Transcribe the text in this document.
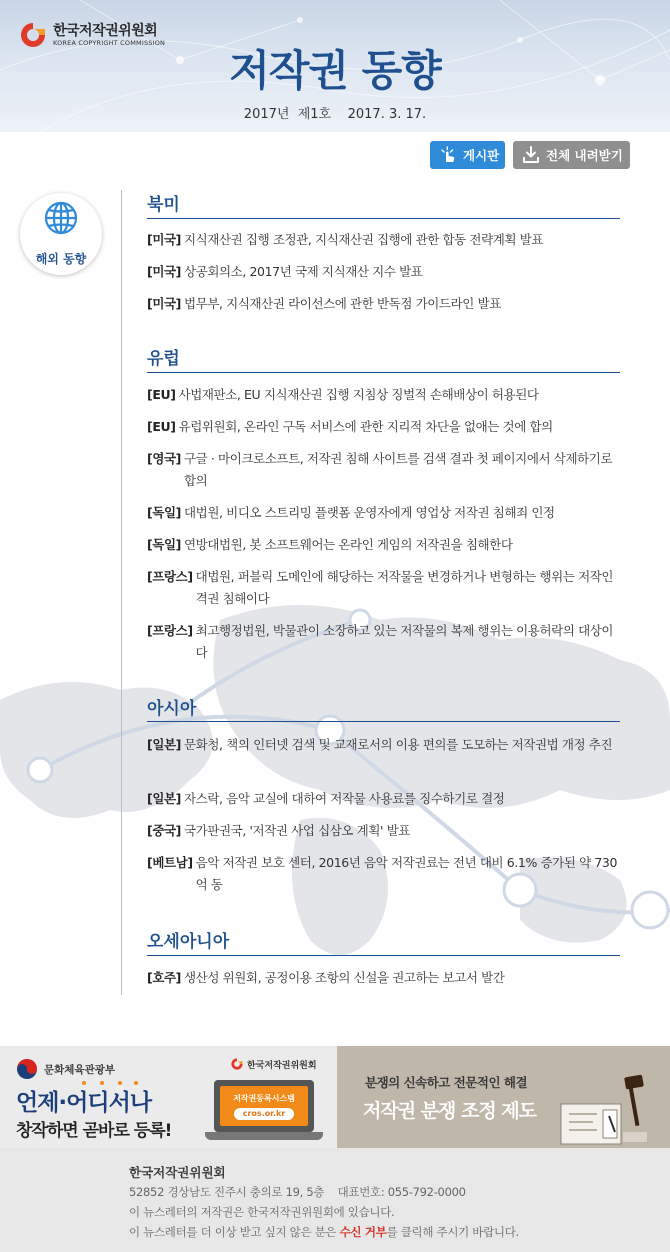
한국저작권위원회
KOREA COPYRIGHT COMMISSION
저작권 동향
2017년  제1호    2017. 3. 17.
게시판	전체 내려받기
해외 동향
북미
[미국] 지식재산권 집행 조정관, 지식재산권 집행에 관한 합동 전략계획 발표
[미국] 상공회의소, 2017년 국제 지식재산 지수 발표
[미국] 법무부, 지식재산권 라이선스에 관한 반독점 가이드라인 발표
유럽
[EU] 사법재판소, EU 지식재산권 집행 지침상 징벌적 손해배상이 허용된다
[EU] 유럽위원회, 온라인 구독 서비스에 관한 지리적 차단을 없애는 것에 합의
[영국] 구글 · 마이크로소프트, 저작권 침해 사이트를 검색 결과 첫 페이지에서 삭제하기로 합의
[독일] 대법원, 비디오 스트리밍 플랫폼 운영자에게 영업상 저작권 침해죄 인정
[독일] 연방대법원, 봇 소프트웨어는 온라인 게임의 저작권을 침해한다
[프랑스] 대법원, 퍼블릭 도메인에 해당하는 저작물을 변경하거나 변형하는 행위는 저작인격권 침해이다
[프랑스] 최고행정법원, 박물관이 소장하고 있는 저작물의 복제 행위는 이용허락의 대상이다
아시아
[일본] 문화청, 책의 인터넷 검색 및 교재로서의 이용 편의를 도모하는 저작권법 개정 추진
[일본] 자스락, 음악 교실에 대하여 저작물 사용료를 징수하기로 결정
[중국] 국가판권국, '저작권 사업 십삼오 계획' 발표
[베트남] 음악 저작권 보호 센터, 2016년 음악 저작권료는 전년 대비 6.1% 증가된 약 730억 동
오세아니아
[호주] 생산성 위원회, 공정이용 조항의 신설을 권고하는 보고서 발간
문화체육관광부
언제·어디서나
창작하면 곧바로 등록!
한국저작권위원회
저작권등록시스템
cros.or.kr
분쟁의 신속하고 전문적인 해결
저작권 분쟁 조정 제도
한국저작권위원회
52852 경상남도 진주시 충의로 19, 5층    대표번호: 055-792-0000
이 뉴스레터의 저작권은 한국저작권위원회에 있습니다.
이 뉴스레터를 더 이상 받고 싶지 않은 분은 수신 거부를 클릭해 주시기 바랍니다.
